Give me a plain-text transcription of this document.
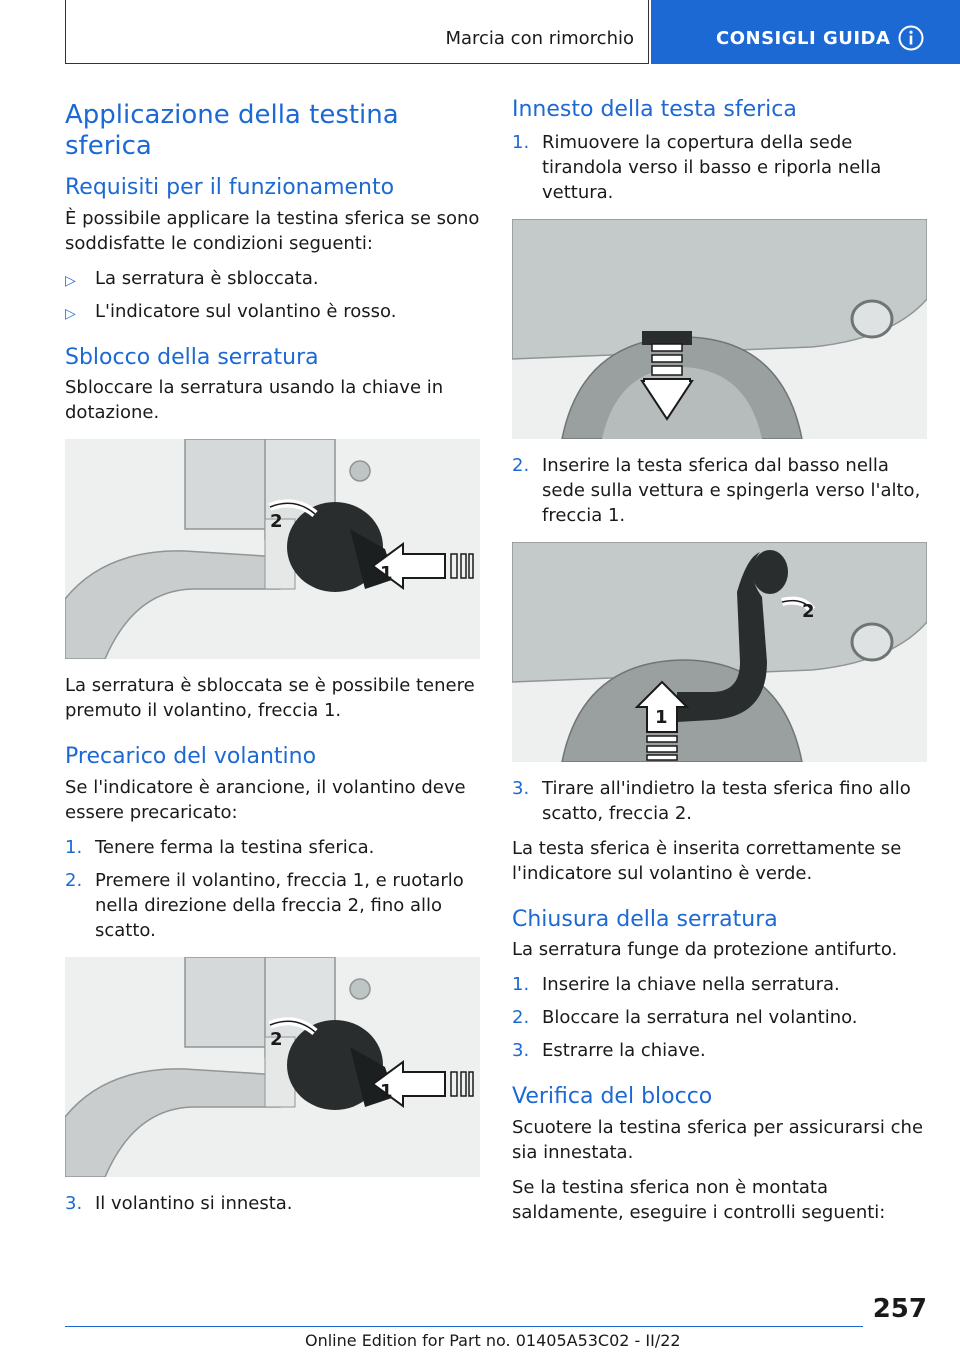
Marcia con rimorchio	CONSIGLI GUIDA
Applicazione della testina sferica
Requisiti per il funzionamento

È possibile applicare la testina sferica se sono soddisfatte le condizioni seguenti:

▷ La serratura è sbloccata.
▷ L'indicatore sul volantino è rosso.
Sblocco della serratura

Sbloccare la serratura usando la chiave in dotazione.

1
2

La serratura è sbloccata se è possibile tenere premuto il volantino, freccia 1.

Precarico del volantino

Se l'indicatore è arancione, il volantino deve essere precaricato:

1. Tenere ferma la testina sferica.
2. Premere il volantino, freccia 1, e ruotarlo nella direzione della freccia 2, fino allo scatto.
1
2
3. Il volantino si innesta.
Innesto della testa sferica
1. Rimuovere la copertura della sede tirandola verso il basso e riporla nella vettura.
2. Inserire la testa sferica dal basso nella sede sulla vettura e spingerla verso l'alto, freccia 1.
1
2
3. Tirare all'indietro la testa sferica fino allo scatto, freccia 2.

La testa sferica è inserita correttamente se l'indicatore sul volantino è verde.

Chiusura della serratura

La serratura funge da protezione antifurto.

1. Inserire la chiave nella serratura.
2. Bloccare la serratura nel volantino.
3. Estrarre la chiave.
Verifica del blocco

Scuotere la testina sferica per assicurarsi che sia innestata.

Se la testina sferica non è montata saldamente, eseguire i controlli seguenti:

257
Online Edition for Part no. 01405A53C02 - II/22
